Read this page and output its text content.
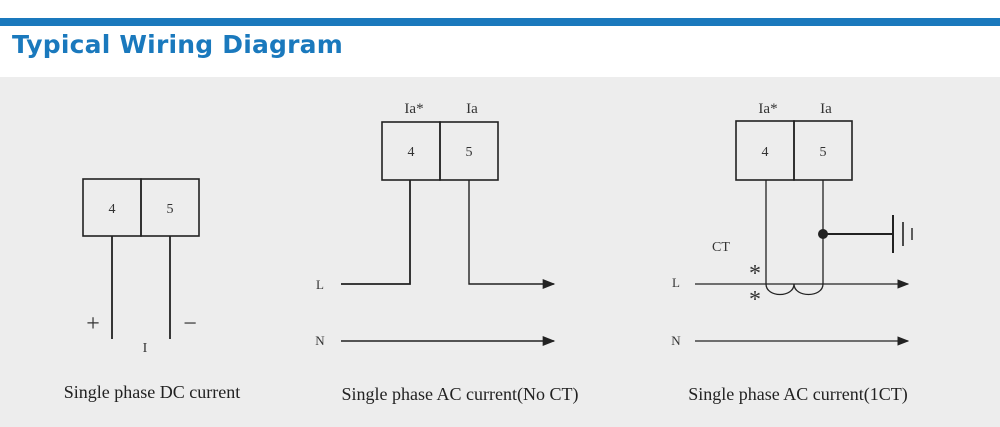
Typical Wiring Diagram
4	5
+	−
I
Single phase DC current
Ia*	Ia
4	5
L
N
Single phase AC current(No CT)
Ia*	Ia
4	5
CT
*
*
L
N
Single phase AC current(1CT)
